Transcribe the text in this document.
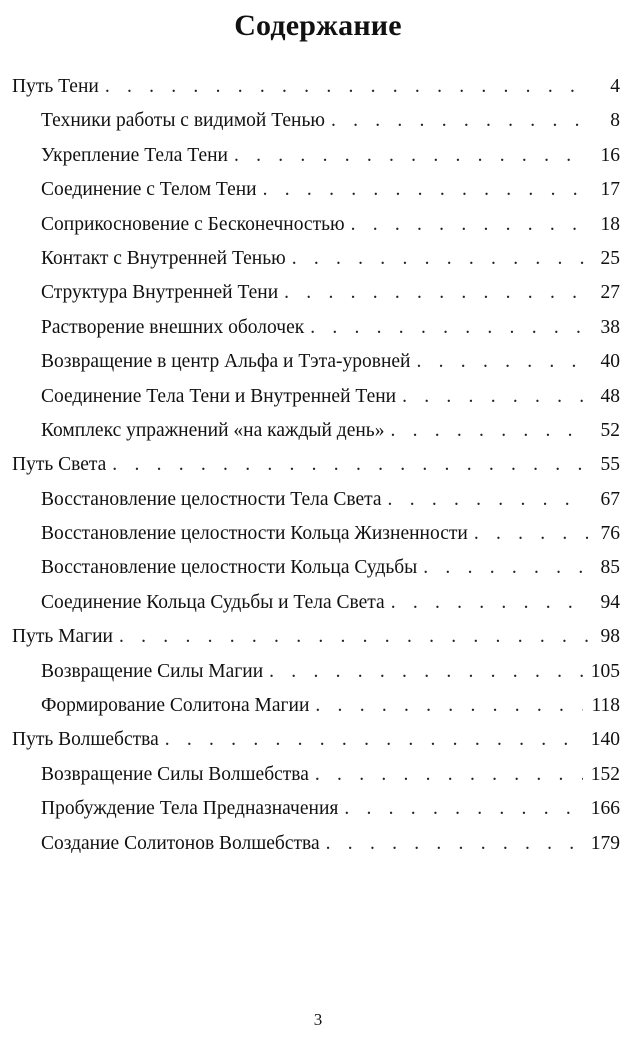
Содержание
Путь Тени . . .	4
Техники работы с видимой Тенью . . .	8
Укрепление Тела Тени . . .	16
Соединение с Телом Тени . . .	17
Соприкосновение с Бесконечностью . . .	18
Контакт с Внутренней Тенью . . .	25
Структура Внутренней Тени . . .	27
Растворение внешних оболочек . . .	38
Возвращение в центр Альфа и Тэта-уровней . . .	40
Соединение Тела Тени и Внутренней Тени . . .	48
Комплекс упражнений «на каждый день» . . .	52
Путь Света . . .	55
Восстановление целостности Тела Света . . .	67
Восстановление целостности Кольца Жизненности . . .	76
Восстановление целостности Кольца Судьбы . . .	85
Соединение Кольца Судьбы и Тела Света . . .	94
Путь Магии . . .	98
Возвращение Силы Магии . . .	105
Формирование Солитона Магии . . .	118
Путь Волшебства . . .	140
Возвращение Силы Волшебства . . .	152
Пробуждение Тела Предназначения . . .	166
Создание Солитонов Волшебства . . .	179
3
